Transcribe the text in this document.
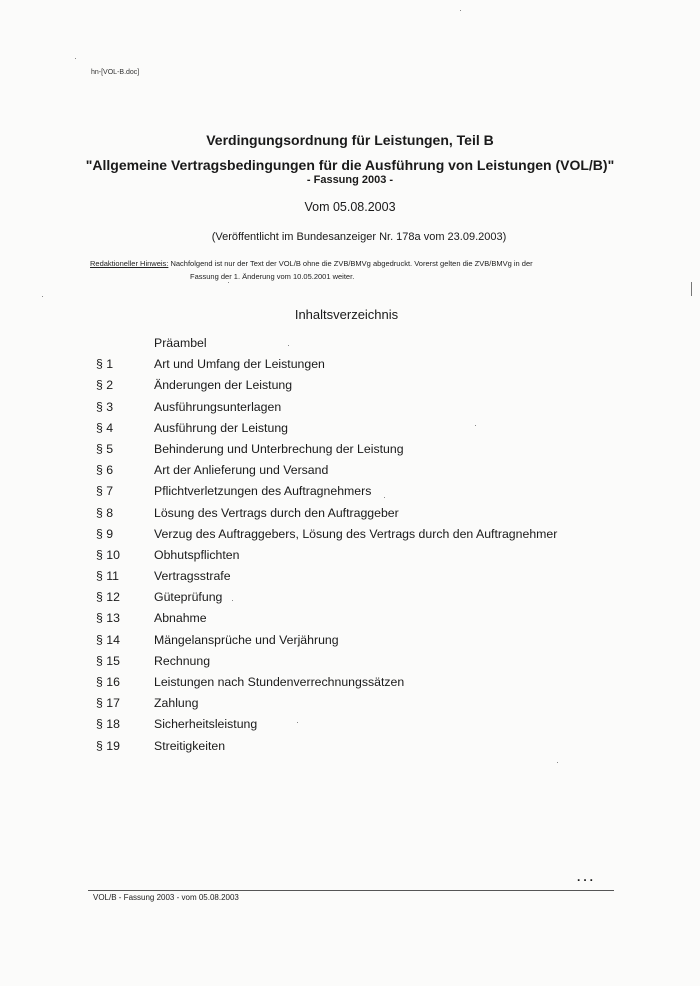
hn-[VOL-B.doc]
Verdingungsordnung für Leistungen, Teil B
"Allgemeine Vertragsbedingungen für die Ausführung von Leistungen (VOL/B)"
- Fassung 2003 -
Vom 05.08.2003
(Veröffentlicht im Bundesanzeiger Nr. 178a vom 23.09.2003)
Redaktioneller Hinweis: Nachfolgend ist nur der Text der VOL/B ohne die ZVB/BMVg abgedruckt. Vorerst gelten die ZVB/BMVg in der
Fassung der 1. Änderung vom 10.05.2001 weiter.
Inhaltsverzeichnis
Präambel
§ 1	Art und Umfang der Leistungen
§ 2	Änderungen der Leistung
§ 3	Ausführungsunterlagen
§ 4	Ausführung der Leistung
§ 5	Behinderung und Unterbrechung der Leistung
§ 6	Art der Anlieferung und Versand
§ 7	Pflichtverletzungen des Auftragnehmers
§ 8	Lösung des Vertrags durch den Auftraggeber
§ 9	Verzug des Auftraggebers, Lösung des Vertrags durch den Auftragnehmer
§ 10	Obhutspflichten
§ 11	Vertragsstrafe
§ 12	Güteprüfung
§ 13	Abnahme
§ 14	Mängelansprüche und Verjährung
§ 15	Rechnung
§ 16	Leistungen nach Stundenverrechnungssätzen
§ 17	Zahlung
§ 18	Sicherheitsleistung
§ 19	Streitigkeiten
...
VOL/B - Fassung 2003 - vom 05.08.2003
